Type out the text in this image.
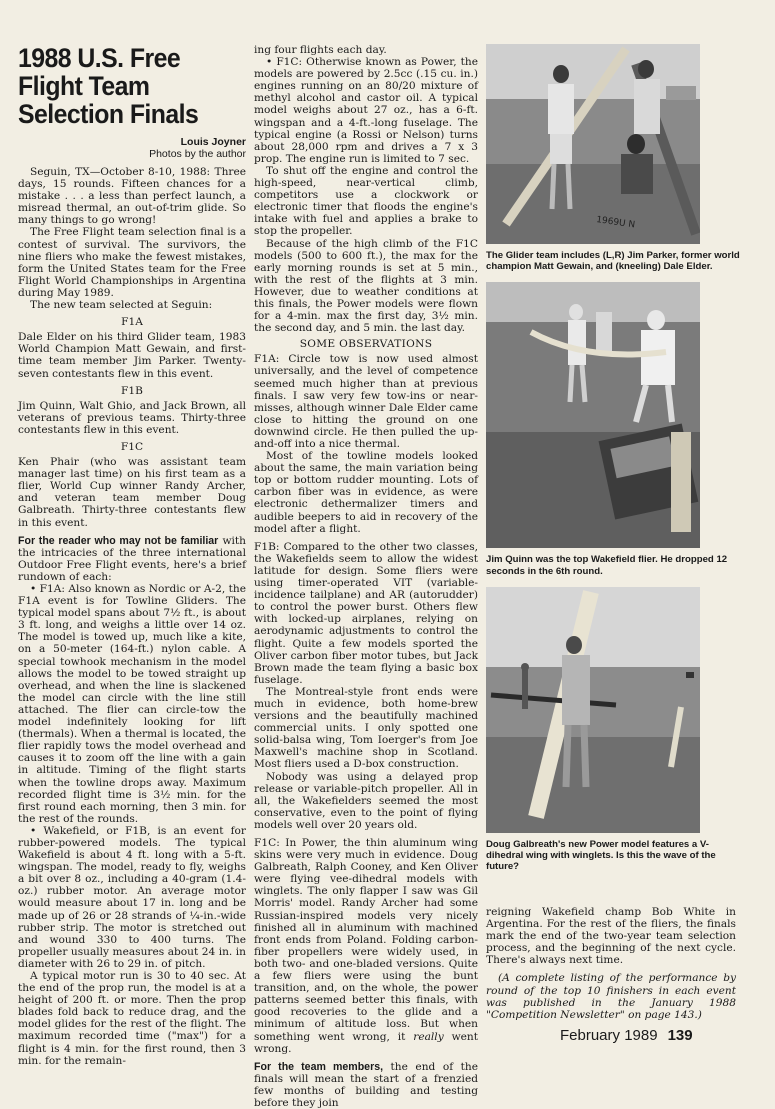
1988 U.S. Free Flight Team Selection Finals
Louis Joyner
Photos by the author

Seguin, TX—October 8-10, 1988: Three days, 15 rounds. Fifteen chances for a mistake . . . a less than perfect launch, a misread thermal, an out-of-trim glide. So many things to go wrong!

The Free Flight team selection final is a contest of survival. The survivors, the nine fliers who make the fewest mistakes, form the United States team for the Free Flight World Championships in Argentina during May 1989.

The new team selected at Seguin:

F1A

Dale Elder on his third Glider team, 1983 World Champion Matt Gewain, and first-time team member Jim Parker. Twenty-seven contestants flew in this event.

F1B

Jim Quinn, Walt Ghio, and Jack Brown, all veterans of previous teams. Thirty-three contestants flew in this event.

F1C

Ken Phair (who was assistant team manager last time) on his first team as a flier, World Cup winner Randy Archer, and veteran team member Doug Galbreath. Thirty-three contestants flew in this event.

For the reader who may not be familiar with the intricacies of the three international Outdoor Free Flight events, here's a brief rundown of each:

• F1A: Also known as Nordic or A-2, the F1A event is for Towline Gliders. The typical model spans about 7½ ft., is about 3 ft. long, and weighs a little over 14 oz. The model is towed up, much like a kite, on a 50-meter (164-ft.) nylon cable. A special towhook mechanism in the model allows the model to be towed straight up overhead, and when the line is slackened the model can circle with the line still attached. The flier can circle-tow the model indefinitely looking for lift (thermals). When a thermal is located, the flier rapidly tows the model overhead and causes it to zoom off the line with a gain in altitude. Timing of the flight starts when the towline drops away. Maximum recorded flight time is 3½ min. for the first round each morning, then 3 min. for the rest of the rounds.

• Wakefield, or F1B, is an event for rubber-powered models. The typical Wakefield is about 4 ft. long with a 5-ft. wingspan. The model, ready to fly, weighs a bit over 8 oz., including a 40-gram (1.4-oz.) rubber motor. An average motor would measure about 17 in. long and be made up of 26 or 28 strands of ¼-in.-wide rubber strip. The motor is stretched out and wound 330 to 400 turns. The propeller usually measures about 24 in. in diameter with 26 to 29 in. of pitch.

A typical motor run is 30 to 40 sec. At the end of the prop run, the model is at a height of 200 ft. or more. Then the prop blades fold back to reduce drag, and the model glides for the rest of the flight. The maximum recorded time ("max") for a flight is 4 min. for the first round, then 3 min. for the remain-

ing four flights each day.

• F1C: Otherwise known as Power, the models are powered by 2.5cc (.15 cu. in.) engines running on an 80/20 mixture of methyl alcohol and castor oil. A typical model weighs about 27 oz., has a 6-ft. wingspan and a 4-ft.-long fuselage. The typical engine (a Rossi or Nelson) turns about 28,000 rpm and drives a 7 x 3 prop. The engine run is limited to 7 sec.

To shut off the engine and control the high-speed, near-vertical climb, competitors use a clockwork or electronic timer that floods the engine's intake with fuel and applies a brake to stop the propeller.

Because of the high climb of the F1C models (500 to 600 ft.), the max for the early morning rounds is set at 5 min., with the rest of the flights at 3 min. However, due to weather conditions at this finals, the Power models were flown for a 4-min. max the first day, 3½ min. the second day, and 5 min. the last day.

SOME OBSERVATIONS

F1A: Circle tow is now used almost universally, and the level of competence seemed much higher than at previous finals. I saw very few tow-ins or near-misses, although winner Dale Elder came close to hitting the ground on one downwind circle. He then pulled the up-and-off into a nice thermal.

Most of the towline models looked about the same, the main variation being top or bottom rudder mounting. Lots of carbon fiber was in evidence, as were electronic dethermalizer timers and audible beepers to aid in recovery of the model after a flight.

F1B: Compared to the other two classes, the Wakefields seem to allow the widest latitude for design. Some fliers were using timer-operated VIT (variable-incidence tailplane) and AR (autorudder) to control the power burst. Others flew with locked-up airplanes, relying on aerodynamic adjustments to control the flight. Quite a few models sported the Oliver carbon fiber motor tubes, but Jack Brown made the team flying a basic box fuselage.

The Montreal-style front ends were much in evidence, both home-brew versions and the beautifully machined commercial units. I only spotted one solid-balsa wing, Tom Ioerger's from Joe Maxwell's machine shop in Scotland. Most fliers used a D-box construction.

Nobody was using a delayed prop release or variable-pitch propeller. All in all, the Wakefielders seemed the most conservative, even to the point of flying models well over 20 years old.

F1C: In Power, the thin aluminum wing skins were very much in evidence. Doug Galbreath, Ralph Cooney, and Ken Oliver were flying vee-dihedral models with winglets. The only flapper I saw was Gil Morris' model. Randy Archer had some Russian-inspired models very nicely finished all in aluminum with machined front ends from Poland. Folding carbon-fiber propellers were widely used, in both two- and one-bladed versions. Quite a few fliers were using the bunt transition, and, on the whole, the power patterns seemed better this finals, with good recoveries to the glide and a minimum of altitude loss. But when something went wrong, it really went wrong.

For the team members, the end of the finals will mean the start of a frenzied few months of building and testing before they join

1969U N
The Glider team includes (L,R) Jim Parker, former world champion Matt Gewain, and (kneeling) Dale Elder.
Jim Quinn was the top Wakefield flier. He dropped 12 seconds in the 6th round.
Doug Galbreath's new Power model features a V-dihedral wing with winglets. Is this the wave of the future?

reigning Wakefield champ Bob White in Argentina. For the rest of the fliers, the finals mark the end of the two-year team selection process, and the beginning of the next cycle. There's always next time.

(A complete listing of the performance by round of the top 10 finishers in each event was published in the January 1988 "Competition Newsletter" on page 143.)

February 1989 139
